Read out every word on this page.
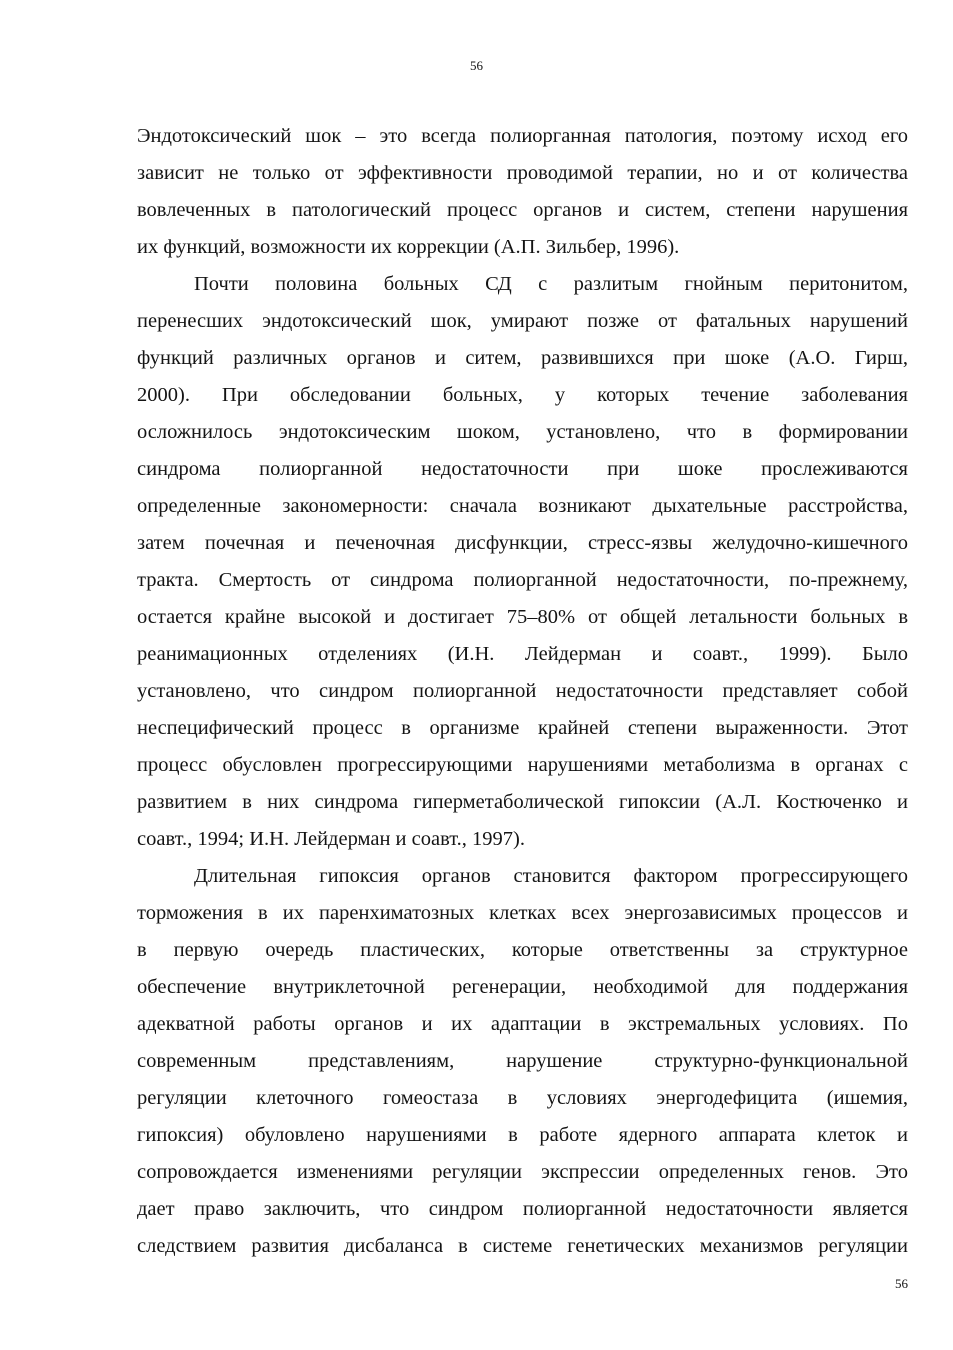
56
Эндотоксический шок – это всегда полиорганная патология, поэтому исход его
зависит не только от эффективности проводимой терапии, но и от количества
вовлеченных в патологический процесс органов и систем, степени нарушения
их функций, возможности их коррекции (А.П. Зильбер, 1996).
Почти половина больных СД с разлитым гнойным перитонитом,
перенесших эндотоксический шок, умирают позже от фатальных нарушений
функций различных органов и ситем, развившихся при шоке (А.О. Гирш,
2000). При обследовании больных, у которых течение заболевания
осложнилось эндотоксическим шоком, установлено, что в формировании
синдрома полиорганной недостаточности при шоке прослеживаются
определенные закономерности: сначала возникают дыхательные расстройства,
затем почечная и печеночная дисфункции, стресс-язвы желудочно-кишечного
тракта. Смертость от синдрома полиорганной недостаточности, по-прежнему,
остается крайне высокой и достигает 75–80% от общей летальности больных в
реанимационных отделениях (И.Н. Лейдерман и соавт., 1999). Было
установлено, что синдром полиорганной недостаточности представляет собой
неспецифический процесс в организме крайней степени выраженности. Этот
процесс обусловлен прогрессирующими нарушениями метаболизма в органах с
развитием в них синдрома гиперметаболической гипоксии (А.Л. Костюченко и
соавт., 1994; И.Н. Лейдерман и соавт., 1997).
Длительная гипоксия органов становится фактором прогрессирующего
торможения в их паренхиматозных клетках всех энергозависимых процессов и
в первую очередь пластических, которые ответственны за структурное
обеспечение внутриклеточной регенерации, необходимой для поддержания
адекватной работы органов и их адаптации в экстремальных условиях. По
современным представлениям, нарушение структурно-функциональной
регуляции клеточного гомеостаза в условиях энергодефицита (ишемия,
гипоксия) обуловлено нарушениями в работе ядерного аппарата клеток и
сопровождается изменениями регуляции экспрессии определенных генов. Это
дает право заключить, что синдром полиорганной недостаточности является
следствием развития дисбаланса в системе генетических механизмов регуляции
56
